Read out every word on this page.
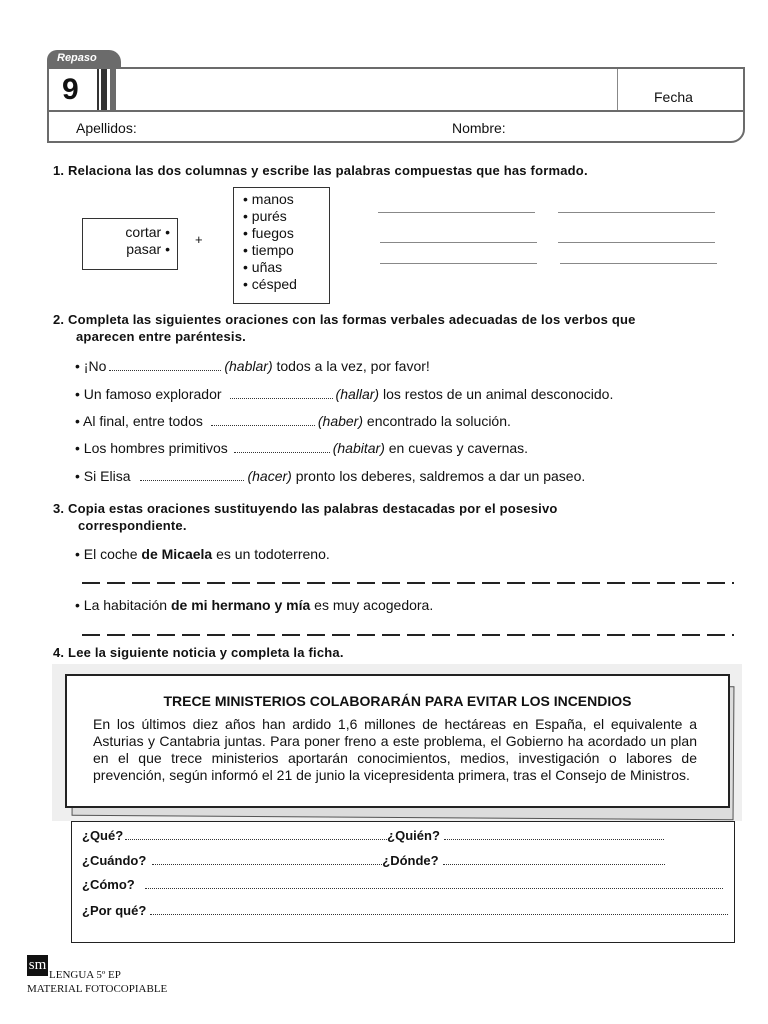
Repaso
9	Fecha
Apellidos:	Nombre:
1. Relaciona las dos columnas y escribe las palabras compuestas que has formado.
cortar •
pasar •
+
• manos
• purés
• fuegos
• tiempo
• uñas
• césped
2. Completa las siguientes oraciones con las formas verbales adecuadas de los verbos que
aparecen entre paréntesis.
• ¡No	(hablar) todos a la vez, por favor!
• Un famoso explorador	(hallar) los restos de un animal desconocido.
• Al final, entre todos	(haber) encontrado la solución.
• Los hombres primitivos	(habitar) en cuevas y cavernas.
• Si Elisa	(hacer) pronto los deberes, saldremos a dar un paseo.
3. Copia estas oraciones sustituyendo las palabras destacadas por el posesivo
correspondiente.
• El coche de Micaela es un todoterreno.
• La habitación de mi hermano y mía es muy acogedora.
4. Lee la siguiente noticia y completa la ficha.
TRECE MINISTERIOS COLABORARÁN PARA EVITAR LOS INCENDIOS
En los últimos diez años han ardido 1,6 millones de hectáreas en España, el equivalente a Asturias y Cantabria juntas. Para poner freno a este problema, el Gobierno ha acordado un plan en el que trece ministerios aportarán conocimientos, medios, investigación o labores de prevención, según informó el 21 de junio la vicepresidenta primera, tras el Consejo de Ministros.
¿Qué?	¿Quién?
¿Cuándo?	¿Dónde?
¿Cómo?
¿Por qué?
sm
LENGUA 5º EP
MATERIAL FOTOCOPIABLE
